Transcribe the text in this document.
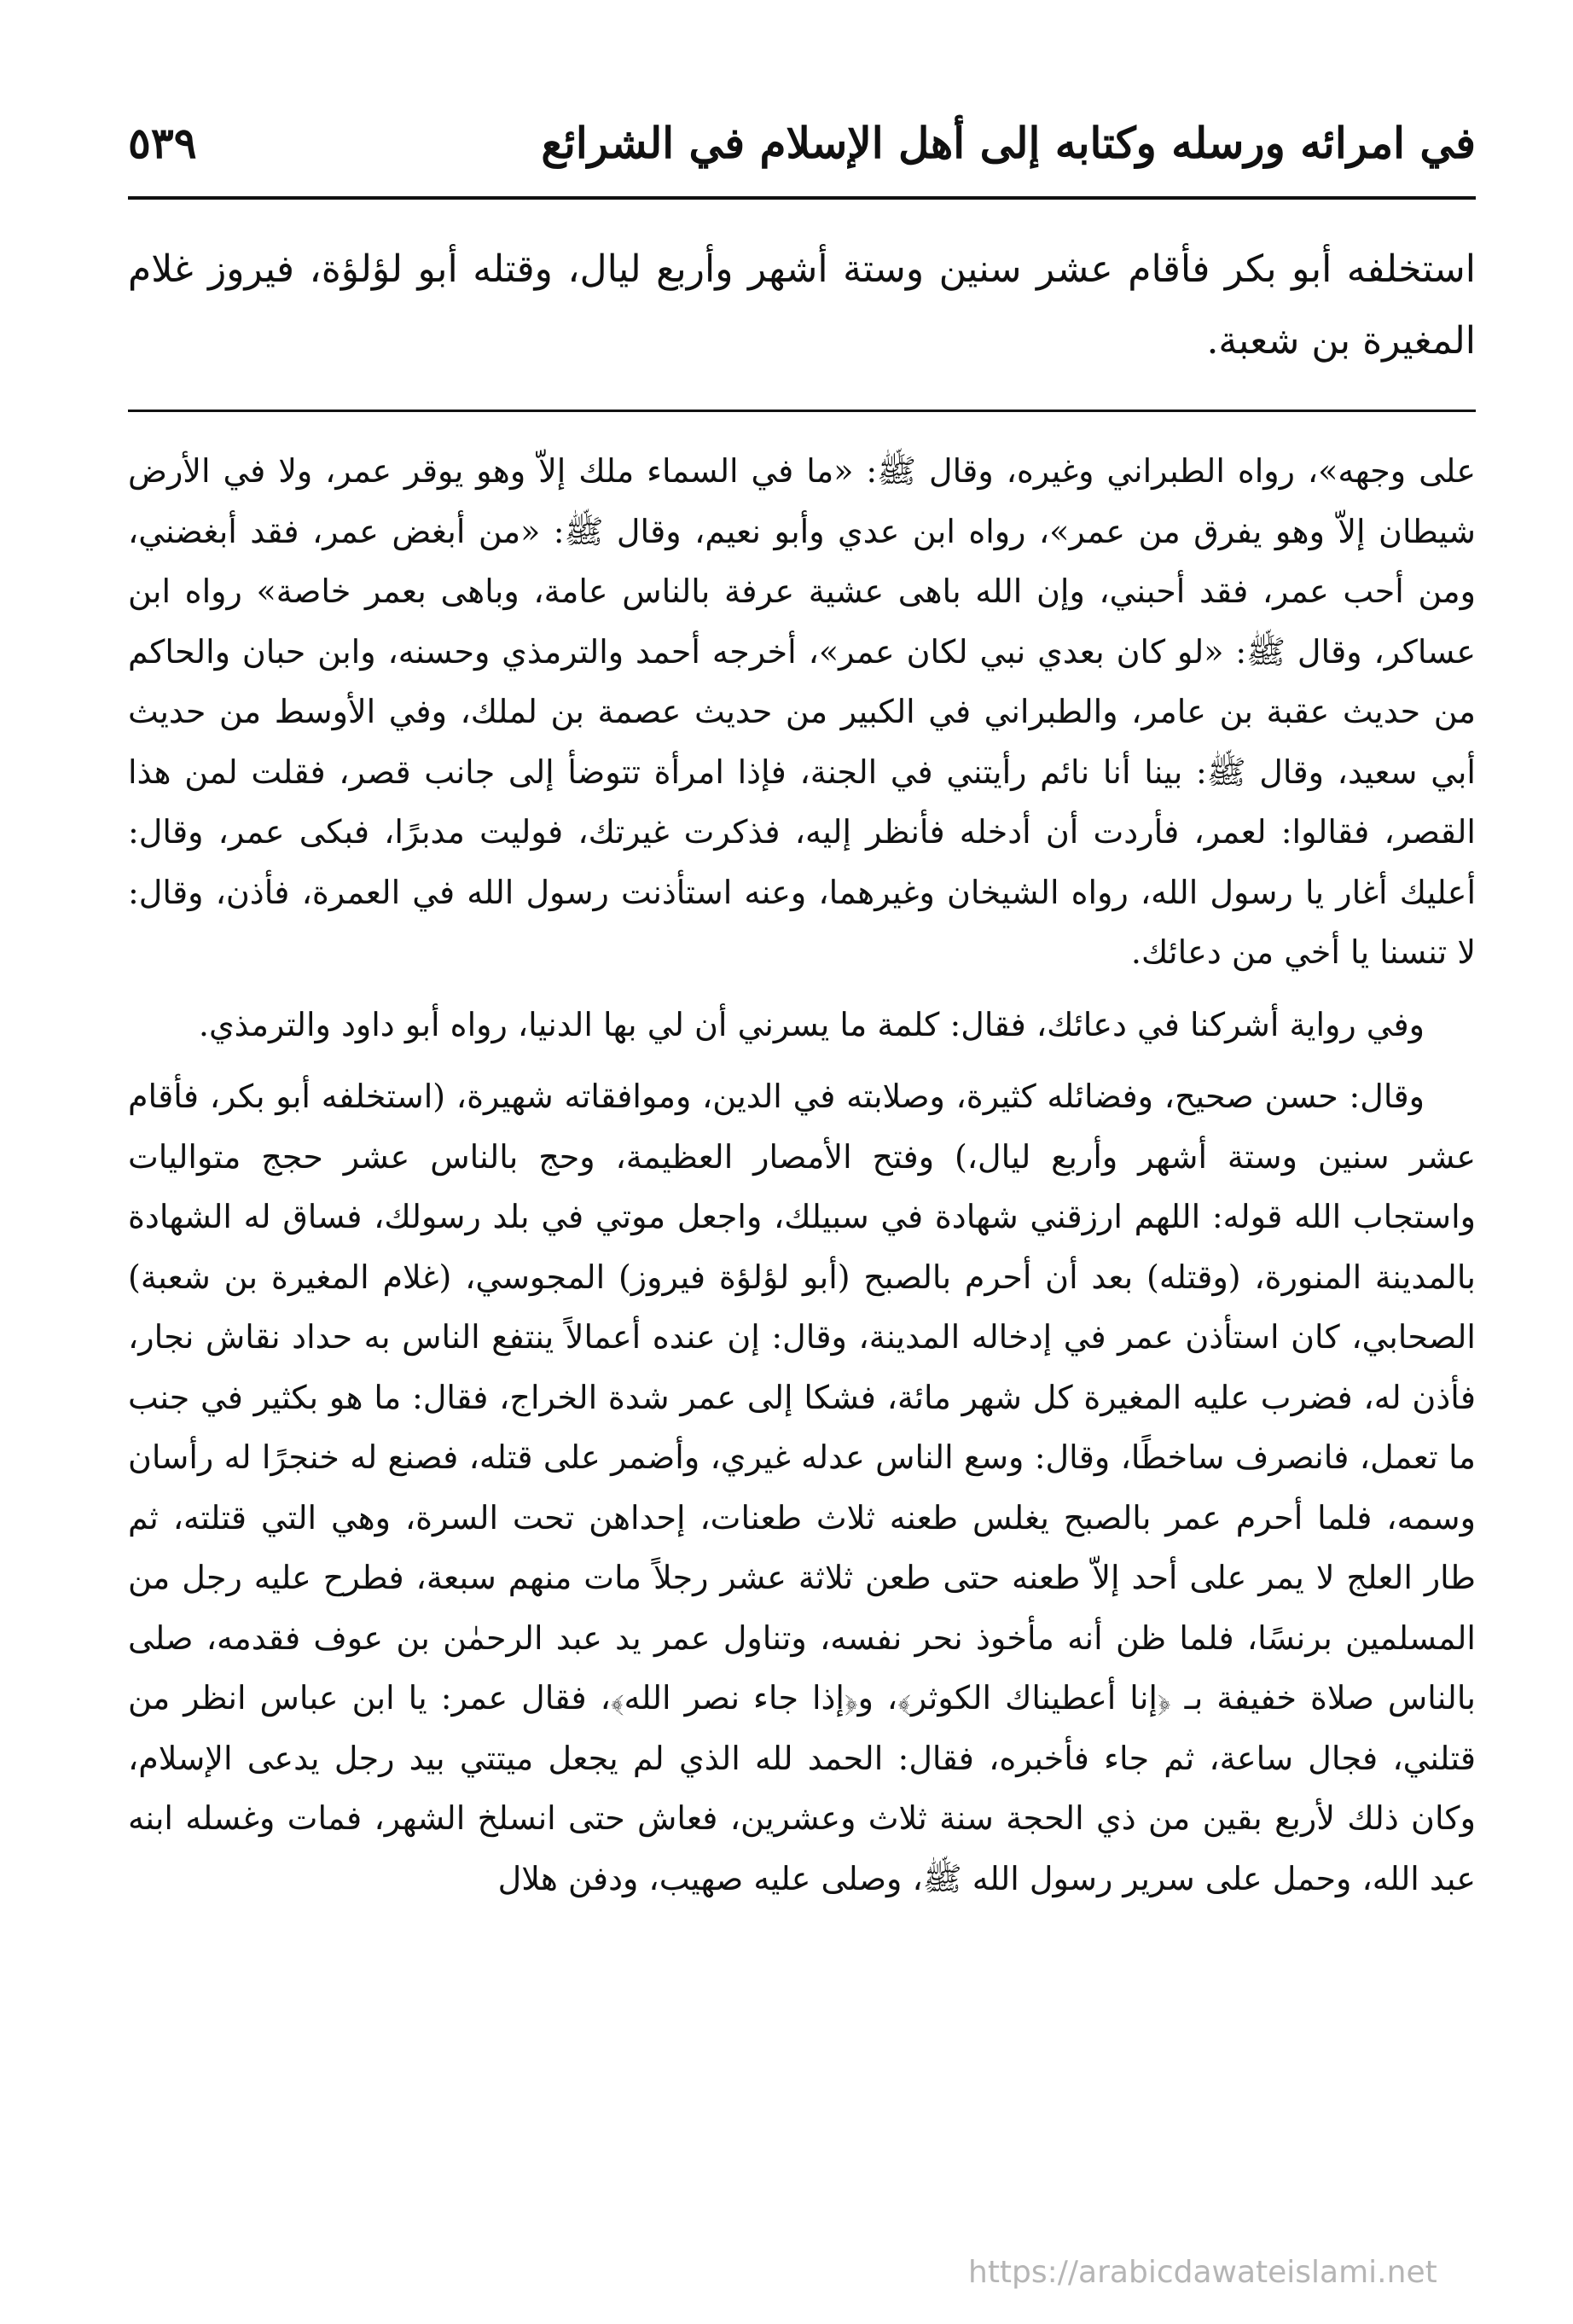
في امرائه ورسله وكتابه إلى أهل الإسلام في الشرائع
٥٣٩
استخلفه أبو بكر فأقام عشر سنين وستة أشهر وأربع ليال، وقتله أبو لؤلؤة، فيروز غلام المغيرة بن شعبة.

على وجهه»، رواه الطبراني وغيره، وقال ﷺ: «ما في السماء ملك إلاّ وهو يوقر عمر، ولا في الأرض شيطان إلاّ وهو يفرق من عمر»، رواه ابن عدي وأبو نعيم، وقال ﷺ: «من أبغض عمر، فقد أبغضني، ومن أحب عمر، فقد أحبني، وإن الله باهى عشية عرفة بالناس عامة، وباهى بعمر خاصة» رواه ابن عساكر، وقال ﷺ: «لو كان بعدي نبي لكان عمر»، أخرجه أحمد والترمذي وحسنه، وابن حبان والحاكم من حديث عقبة بن عامر، والطبراني في الكبير من حديث عصمة بن لملك، وفي الأوسط من حديث أبي سعيد، وقال ﷺ: بينا أنا نائم رأيتني في الجنة، فإذا امرأة تتوضأ إلى جانب قصر، فقلت لمن هذا القصر، فقالوا: لعمر، فأردت أن أدخله فأنظر إليه، فذكرت غيرتك، فوليت مدبرًا، فبكى عمر، وقال: أعليك أغار يا رسول الله، رواه الشيخان وغيرهما، وعنه استأذنت رسول الله في العمرة، فأذن، وقال: لا تنسنا يا أخي من دعائك.

وفي رواية أشركنا في دعائك، فقال: كلمة ما يسرني أن لي بها الدنيا، رواه أبو داود والترمذي.

وقال: حسن صحيح، وفضائله كثيرة، وصلابته في الدين، وموافقاته شهيرة، (استخلفه أبو بكر، فأقام عشر سنين وستة أشهر وأربع ليال،) وفتح الأمصار العظيمة، وحج بالناس عشر حجج متواليات واستجاب الله قوله: اللهم ارزقني شهادة في سبيلك، واجعل موتي في بلد رسولك، فساق له الشهادة بالمدينة المنورة، (وقتله) بعد أن أحرم بالصبح (أبو لؤلؤة فيروز) المجوسي، (غلام المغيرة بن شعبة) الصحابي، كان استأذن عمر في إدخاله المدينة، وقال: إن عنده أعمالاً ينتفع الناس به حداد نقاش نجار، فأذن له، فضرب عليه المغيرة كل شهر مائة، فشكا إلى عمر شدة الخراج، فقال: ما هو بكثير في جنب ما تعمل، فانصرف ساخطًا، وقال: وسع الناس عدله غيري، وأضمر على قتله، فصنع له خنجرًا له رأسان وسمه، فلما أحرم عمر بالصبح يغلس طعنه ثلاث طعنات، إحداهن تحت السرة، وهي التي قتلته، ثم طار العلج لا يمر على أحد إلاّ طعنه حتى طعن ثلاثة عشر رجلاً مات منهم سبعة، فطرح عليه رجل من المسلمين برنسًا، فلما ظن أنه مأخوذ نحر نفسه، وتناول عمر يد عبد الرحمٰن بن عوف فقدمه، صلى بالناس صلاة خفيفة بـ ﴿إنا أعطيناك الكوثر﴾، و﴿إذا جاء نصر الله﴾، فقال عمر: يا ابن عباس انظر من قتلني، فجال ساعة، ثم جاء فأخبره، فقال: الحمد لله الذي لم يجعل ميتتي بيد رجل يدعى الإسلام، وكان ذلك لأربع بقين من ذي الحجة سنة ثلاث وعشرين، فعاش حتى انسلخ الشهر، فمات وغسله ابنه عبد الله، وحمل على سرير رسول الله ﷺ، وصلى عليه صهيب، ودفن هلال

https://arabicdawateislami.net
